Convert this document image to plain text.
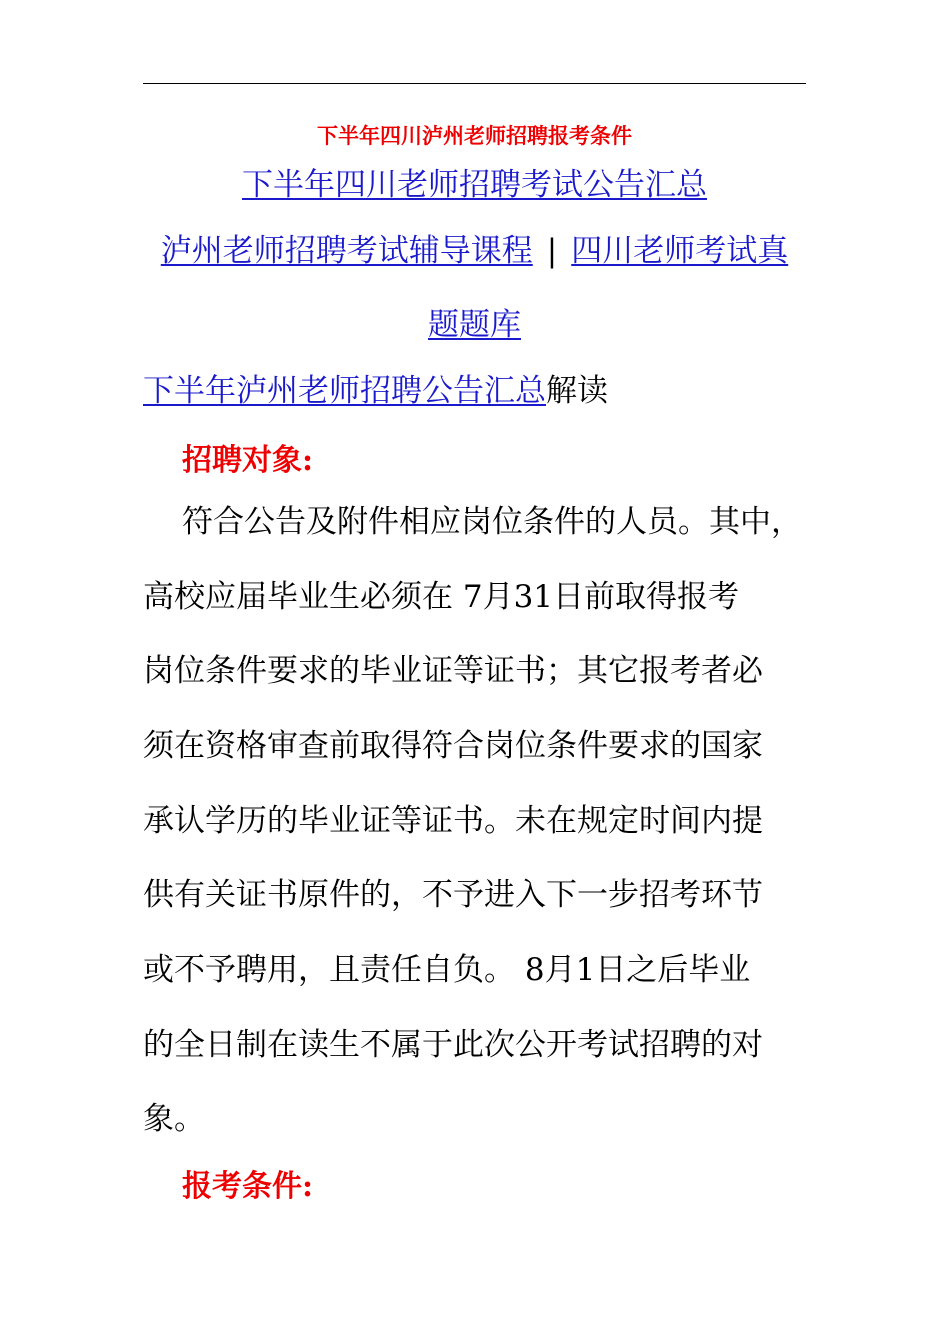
下半年四川泸州老师招聘报考条件
下半年四川老师招聘考试公告汇总
泸州老师招聘考试辅导课程 | 四川老师考试真
题题库
下半年泸州老师招聘公告汇总解读
招聘对象:
符合公告及附件相应岗位条件的人员。其中，
高校应届毕业生必须在 7月31日前取得报考
岗位条件要求的毕业证等证书；其它报考者必
须在资格审查前取得符合岗位条件要求的国家
承认学历的毕业证等证书。未在规定时间内提
供有关证书原件的，不予进入下一步招考环节
或不予聘用，且责任自负。 8月1日之后毕业
的全日制在读生不属于此次公开考试招聘的对
象。
报考条件:
